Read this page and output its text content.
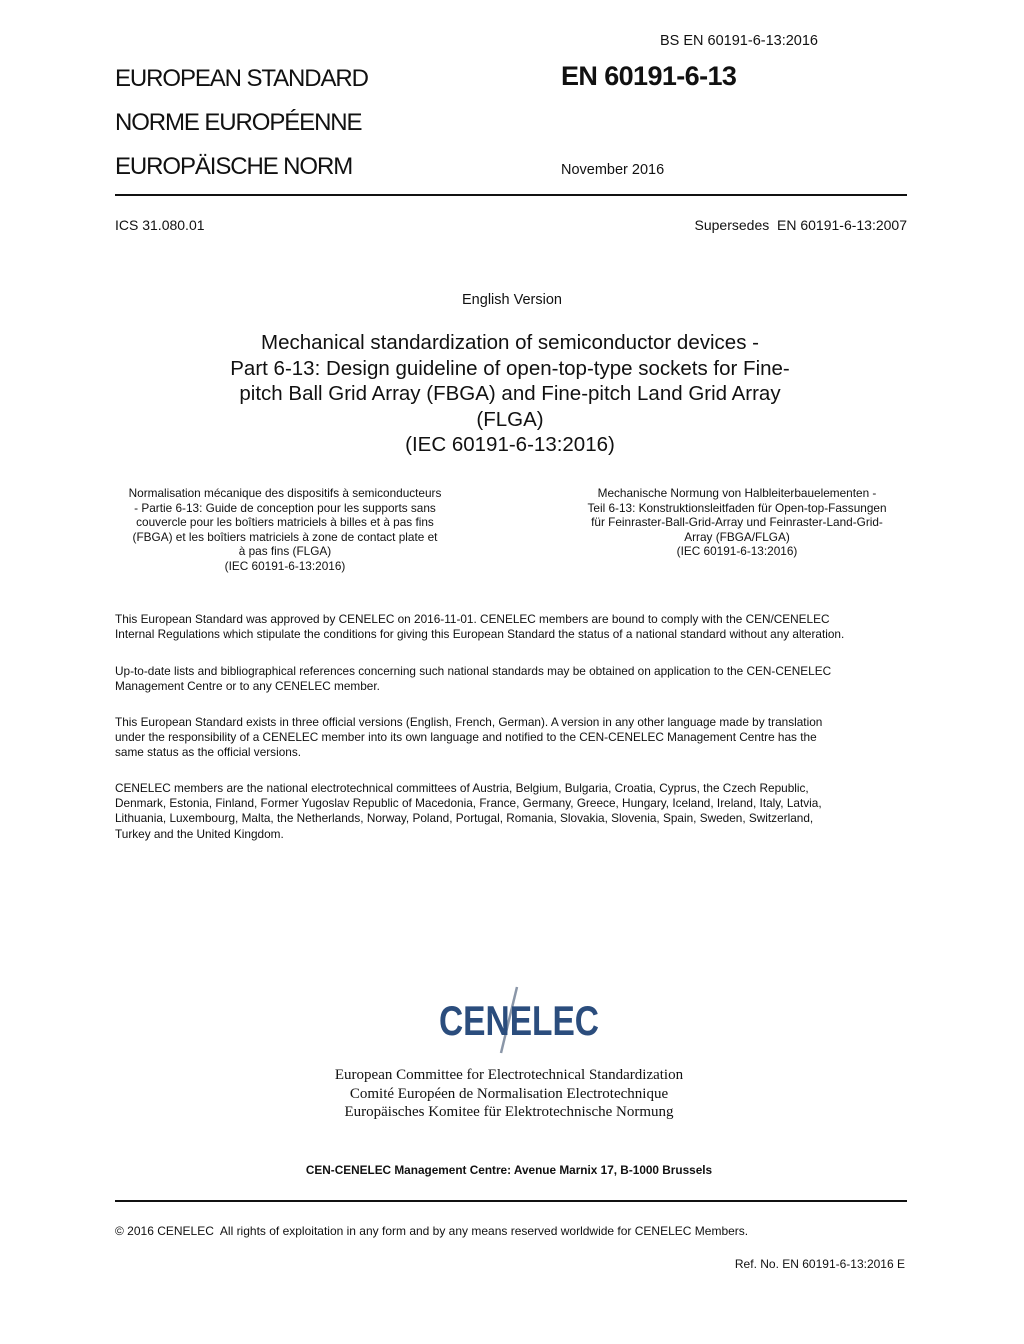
BS EN 60191-6-13:2016
EUROPEAN STANDARD
NORME EUROPÉENNE
EUROPÄISCHE NORM
EN 60191-6-13
November 2016
ICS 31.080.01	Supersedes  EN 60191-6-13:2007
English Version
Mechanical standardization of semiconductor devices -
Part 6-13: Design guideline of open-top-type sockets for Fine-
pitch Ball Grid Array (FBGA) and Fine-pitch Land Grid Array
(FLGA)
(IEC 60191-6-13:2016)
Normalisation mécanique des dispositifs à semiconducteurs
- Partie 6-13: Guide de conception pour les supports sans
couvercle pour les boîtiers matriciels à billes et à pas fins
(FBGA) et les boîtiers matriciels à zone de contact plate et
à pas fins (FLGA)
(IEC 60191-6-13:2016)
Mechanische Normung von Halbleiterbauelementen -
Teil 6-13: Konstruktionsleitfaden für Open-top-Fassungen
für Feinraster-Ball-Grid-Array und Feinraster-Land-Grid-
Array (FBGA/FLGA)
(IEC 60191-6-13:2016)
This European Standard was approved by CENELEC on 2016-11-01. CENELEC members are bound to comply with the CEN/CENELEC
Internal Regulations which stipulate the conditions for giving this European Standard the status of a national standard without any alteration.
Up-to-date lists and bibliographical references concerning such national standards may be obtained on application to the CEN-CENELEC
Management Centre or to any CENELEC member.
This European Standard exists in three official versions (English, French, German). A version in any other language made by translation
under the responsibility of a CENELEC member into its own language and notified to the CEN-CENELEC Management Centre has the
same status as the official versions.
CENELEC members are the national electrotechnical committees of Austria, Belgium, Bulgaria, Croatia, Cyprus, the Czech Republic,
Denmark, Estonia, Finland, Former Yugoslav Republic of Macedonia, France, Germany, Greece, Hungary, Iceland, Ireland, Italy, Latvia,
Lithuania, Luxembourg, Malta, the Netherlands, Norway, Poland, Portugal, Romania, Slovakia, Slovenia, Spain, Sweden, Switzerland,
Turkey and the United Kingdom.
CENELEC
European Committee for Electrotechnical Standardization
Comité Européen de Normalisation Electrotechnique
Europäisches Komitee für Elektrotechnische Normung
CEN-CENELEC Management Centre: Avenue Marnix 17, B-1000 Brussels
© 2016 CENELEC  All rights of exploitation in any form and by any means reserved worldwide for CENELEC Members.
Ref. No. EN 60191-6-13:2016 E
